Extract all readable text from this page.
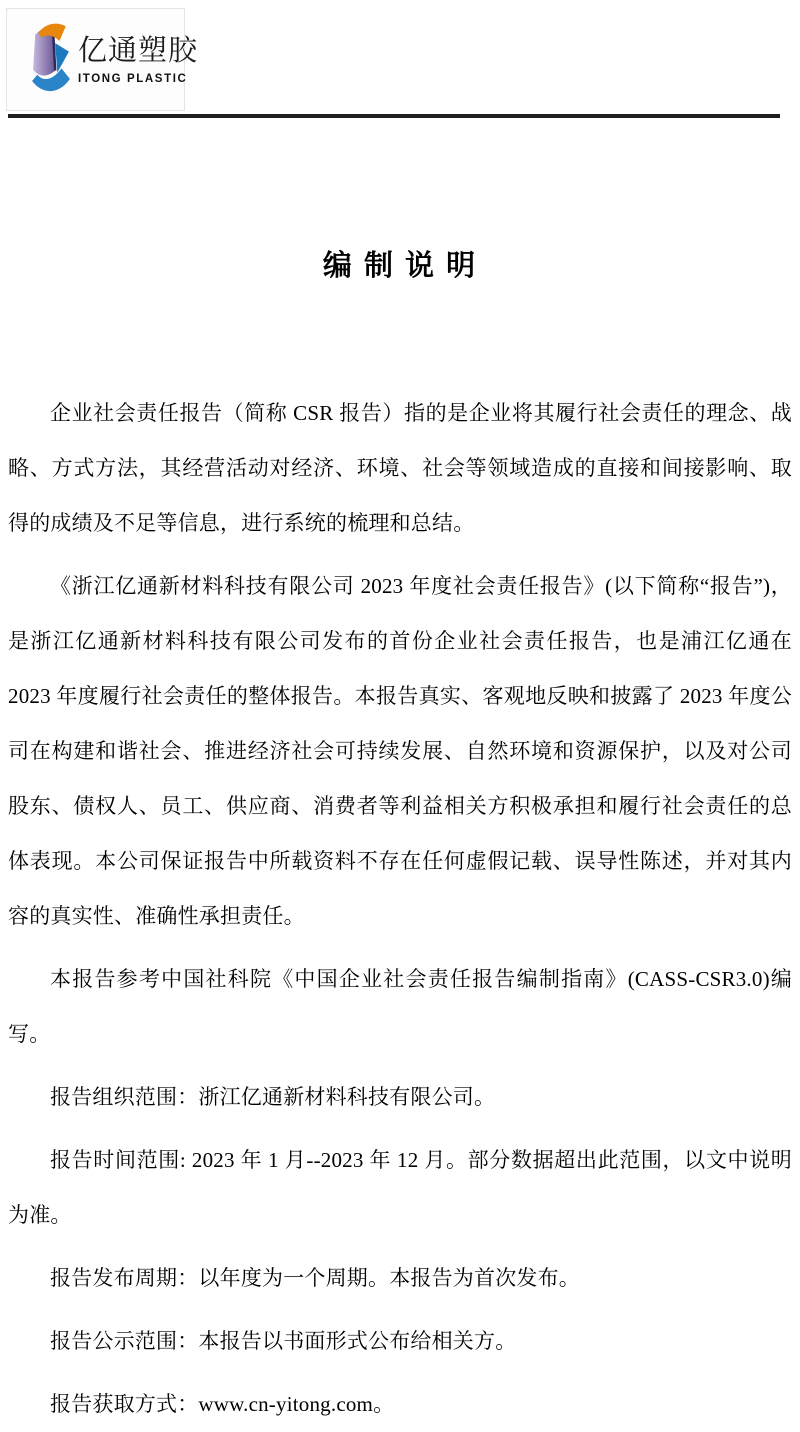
亿通塑胶
ITONG PLASTIC
编 制 说 明

企业社会责任报告（简称 CSR 报告）指的是企业将其履行社会责任的理念、战略、方式方法，其经营活动对经济、环境、社会等领域造成的直接和间接影响、取得的成绩及不足等信息，进行系统的梳理和总结。

《浙江亿通新材料科技有限公司 2023 年度社会责任报告》(以下简称“报告”)，是浙江亿通新材料科技有限公司发布的首份企业社会责任报告，也是浦江亿通在 2023 年度履行社会责任的整体报告。本报告真实、客观地反映和披露了 2023 年度公司在构建和谐社会、推进经济社会可持续发展、自然环境和资源保护，以及对公司股东、债权人、员工、供应商、消费者等利益相关方积极承担和履行社会责任的总体表现。本公司保证报告中所载资料不存在任何虚假记载、误导性陈述，并对其内容的真实性、准确性承担责任。

本报告参考中国社科院《中国企业社会责任报告编制指南》(CASS-CSR3.0)编写。

报告组织范围：浙江亿通新材料科技有限公司。

报告时间范围: 2023 年 1 月--2023 年 12 月。部分数据超出此范围，以文中说明为准。

报告发布周期：以年度为一个周期。本报告为首次发布。

报告公示范围：本报告以书面形式公布给相关方。

报告获取方式：www.cn-yitong.com。
